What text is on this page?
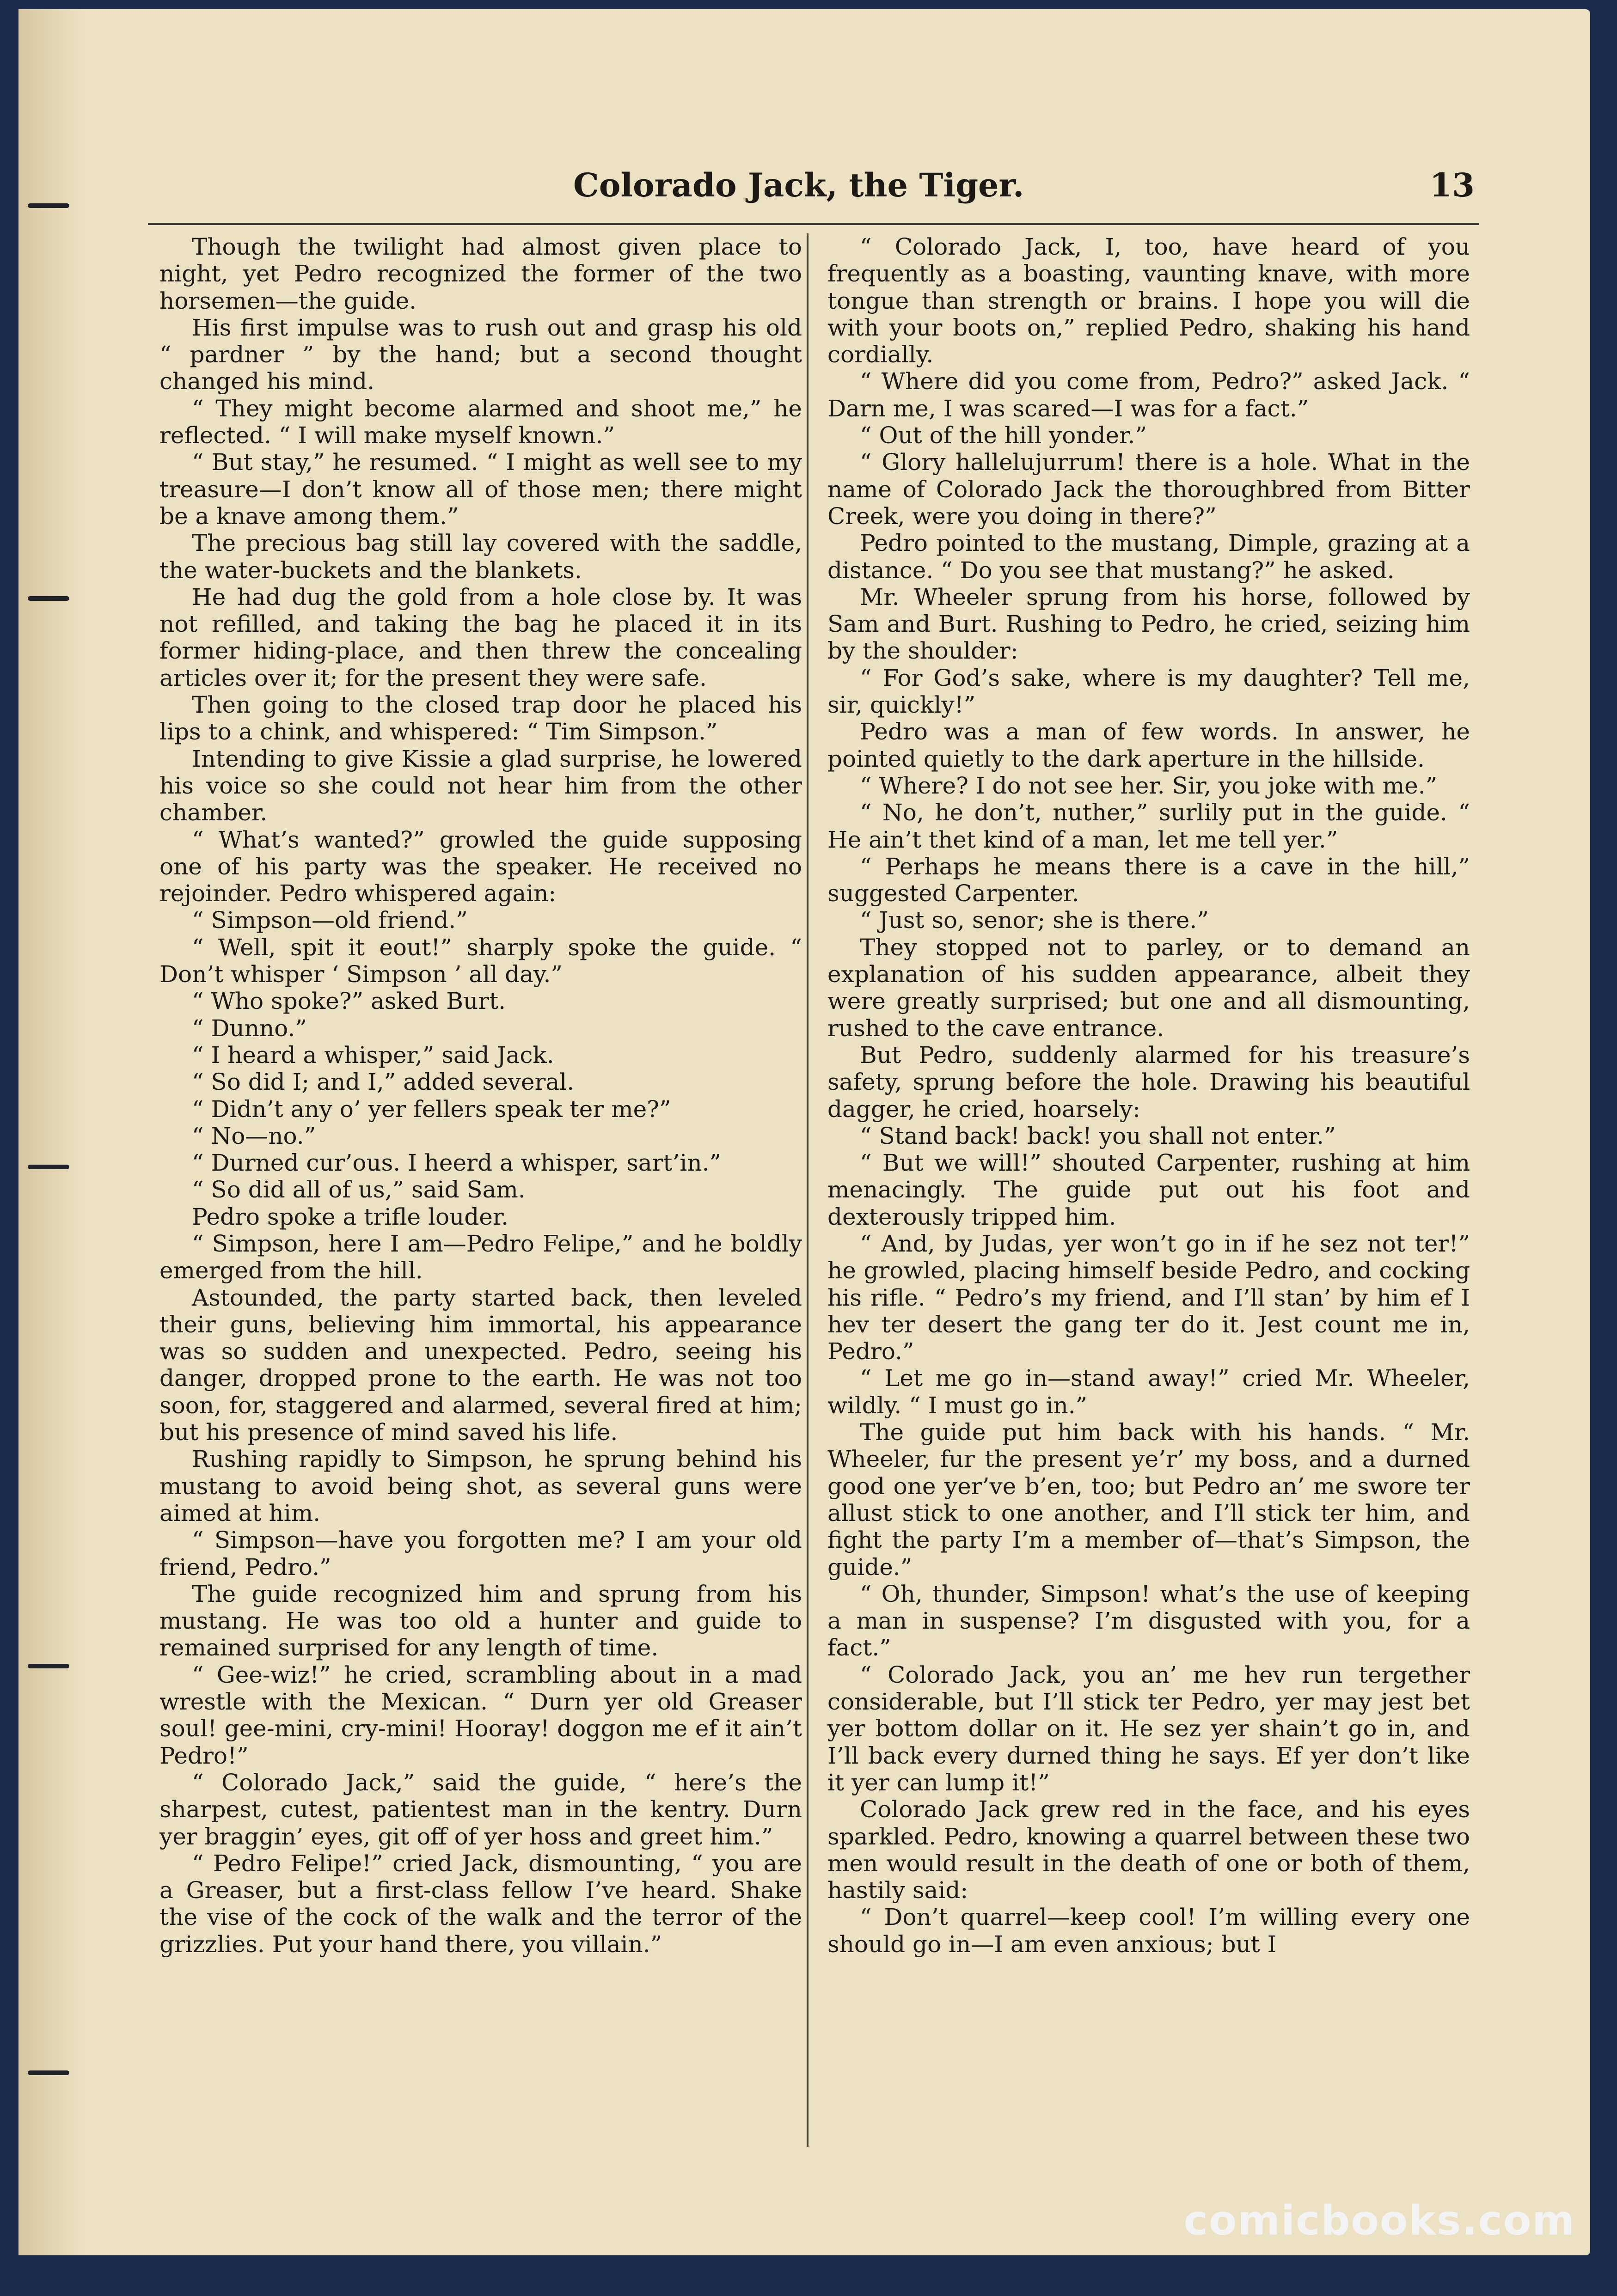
Colorado Jack, the Tiger.	13

Though the twilight had almost given place to night, yet Pedro recognized the former of the two horsemen—the guide.

His first impulse was to rush out and grasp his old “ pardner ” by the hand; but a second thought changed his mind.

“ They might become alarmed and shoot me,” he reflected. “ I will make myself known.”

“ But stay,” he resumed. “ I might as well see to my treasure—I don’t know all of those men; there might be a knave among them.”

The precious bag still lay covered with the saddle, the water-buckets and the blankets.

He had dug the gold from a hole close by. It was not refilled, and taking the bag he placed it in its former hiding-place, and then threw the concealing articles over it; for the present they were safe.

Then going to the closed trap door he placed his lips to a chink, and whispered: “ Tim Simpson.”

Intending to give Kissie a glad surprise, he lowered his voice so she could not hear him from the other chamber.

“ What’s wanted?” growled the guide supposing one of his party was the speaker. He received no rejoinder. Pedro whispered again:

“ Simpson—old friend.”

“ Well, spit it eout!” sharply spoke the guide. “ Don’t whisper ‘ Simpson ’ all day.”

“ Who spoke?” asked Burt.

“ Dunno.”

“ I heard a whisper,” said Jack.

“ So did I; and I,” added several.

“ Didn’t any o’ yer fellers speak ter me?”

“ No—no.”

“ Durned cur’ous. I heerd a whisper, sart’in.”

“ So did all of us,” said Sam.

Pedro spoke a trifle louder.

“ Simpson, here I am—Pedro Felipe,” and he boldly emerged from the hill.

Astounded, the party started back, then leveled their guns, believing him immortal, his appearance was so sudden and unexpected. Pedro, seeing his danger, dropped prone to the earth. He was not too soon, for, staggered and alarmed, several fired at him; but his presence of mind saved his life.

Rushing rapidly to Simpson, he sprung behind his mustang to avoid being shot, as several guns were aimed at him.

“ Simpson—have you forgotten me? I am your old friend, Pedro.”

The guide recognized him and sprung from his mustang. He was too old a hunter and guide to remained surprised for any length of time.

“ Gee-wiz!” he cried, scrambling about in a mad wrestle with the Mexican. “ Durn yer old Greaser soul! gee-mini, cry-mini! Hooray! doggon me ef it ain’t Pedro!”

“ Colorado Jack,” said the guide, “ here’s the sharpest, cutest, patientest man in the kentry. Durn yer braggin’ eyes, git off of yer hoss and greet him.”

“ Pedro Felipe!” cried Jack, dismounting, “ you are a Greaser, but a first-class fellow I’ve heard. Shake the vise of the cock of the walk and the terror of the grizzlies. Put your hand there, you villain.”

“ Colorado Jack, I, too, have heard of you frequently as a boasting, vaunting knave, with more tongue than strength or brains. I hope you will die with your boots on,” replied Pedro, shaking his hand cordially.

“ Where did you come from, Pedro?” asked Jack. “ Darn me, I was scared—I was for a fact.”

“ Out of the hill yonder.”

“ Glory hallelujurrum! there is a hole. What in the name of Colorado Jack the thoroughbred from Bitter Creek, were you doing in there?”

Pedro pointed to the mustang, Dimple, grazing at a distance. “ Do you see that mustang?” he asked.

Mr. Wheeler sprung from his horse, followed by Sam and Burt. Rushing to Pedro, he cried, seizing him by the shoulder:

“ For God’s sake, where is my daughter? Tell me, sir, quickly!”

Pedro was a man of few words. In answer, he pointed quietly to the dark aperture in the hillside.

“ Where? I do not see her. Sir, you joke with me.”

“ No, he don’t, nuther,” surlily put in the guide. “ He ain’t thet kind of a man, let me tell yer.”

“ Perhaps he means there is a cave in the hill,” suggested Carpenter.

“ Just so, senor; she is there.”

They stopped not to parley, or to demand an explanation of his sudden appearance, albeit they were greatly surprised; but one and all dismounting, rushed to the cave entrance.

But Pedro, suddenly alarmed for his treasure’s safety, sprung before the hole. Drawing his beautiful dagger, he cried, hoarsely:

“ Stand back! back! you shall not enter.”

“ But we will!” shouted Carpenter, rushing at him menacingly. The guide put out his foot and dexterously tripped him.

“ And, by Judas, yer won’t go in if he sez not ter!” he growled, placing himself beside Pedro, and cocking his rifle. “ Pedro’s my friend, and I’ll stan’ by him ef I hev ter desert the gang ter do it. Jest count me in, Pedro.”

“ Let me go in—stand away!” cried Mr. Wheeler, wildly. “ I must go in.”

The guide put him back with his hands. “ Mr. Wheeler, fur the present ye’r’ my boss, and a durned good one yer’ve b’en, too; but Pedro an’ me swore ter allust stick to one another, and I’ll stick ter him, and fight the party I’m a member of—that’s Simpson, the guide.”

“ Oh, thunder, Simpson! what’s the use of keeping a man in suspense? I’m disgusted with you, for a fact.”

“ Colorado Jack, you an’ me hev run tergether considerable, but I’ll stick ter Pedro, yer may jest bet yer bottom dollar on it. He sez yer shain’t go in, and I’ll back every durned thing he says. Ef yer don’t like it yer can lump it!”

Colorado Jack grew red in the face, and his eyes sparkled. Pedro, knowing a quarrel between these two men would result in the death of one or both of them, hastily said:

“ Don’t quarrel—keep cool! I’m willing every one should go in—I am even anxious; but I

comicbooks.com
